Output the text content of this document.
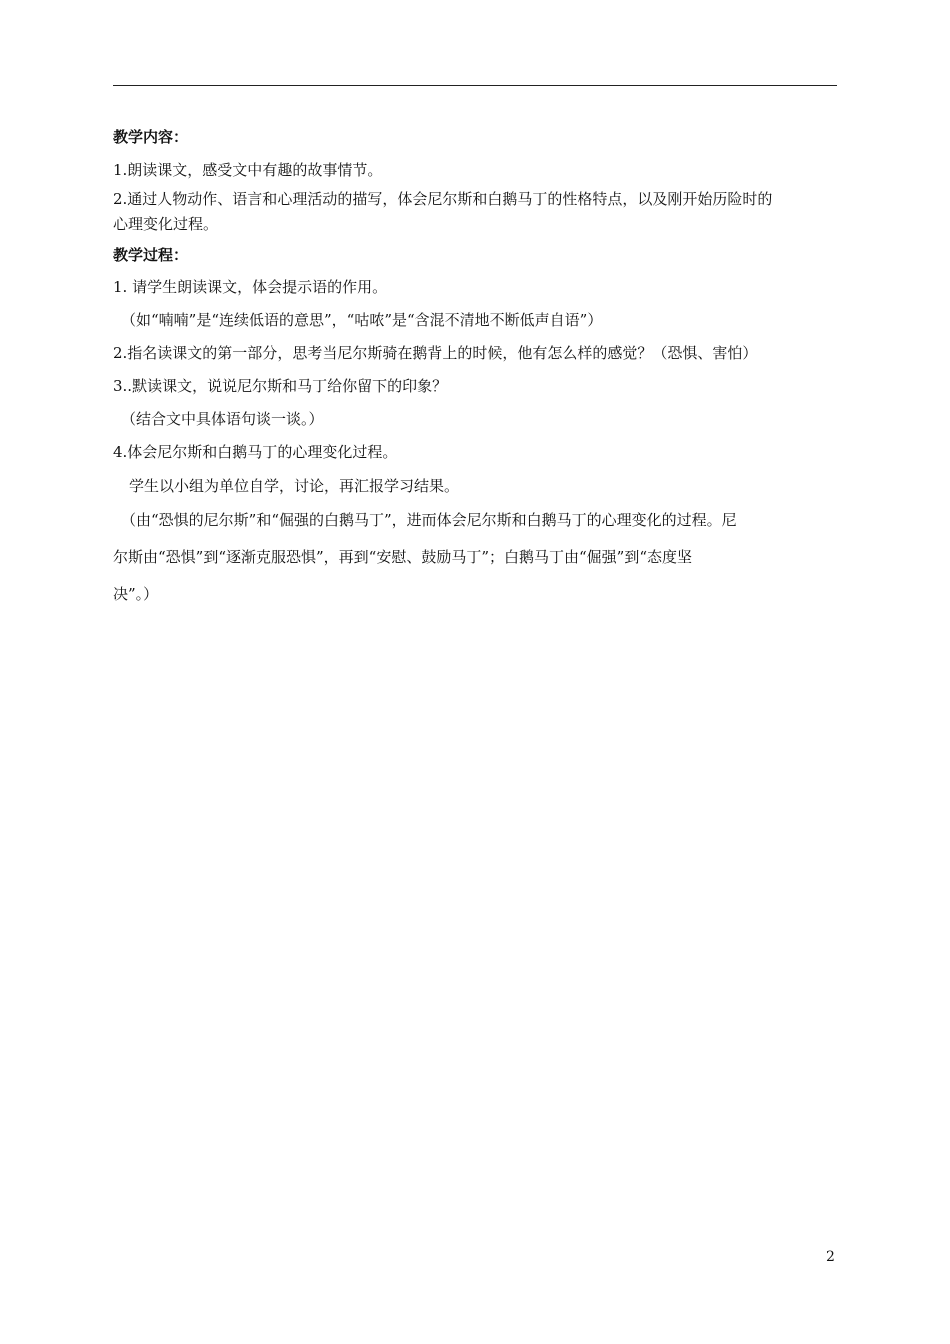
教学内容：
1.朗读课文，感受文中有趣的故事情节。
2.通过人物动作、语言和心理活动的描写，体会尼尔斯和白鹅马丁的性格特点，以及刚开始历险时的
心理变化过程。
教学过程：
1. 请学生朗读课文，体会提示语的作用。
（如“喃喃”是“连续低语的意思”，“咕哝”是“含混不清地不断低声自语”）
2.指名读课文的第一部分，思考当尼尔斯骑在鹅背上的时候，他有怎么样的感觉？（恐惧、害怕）
3..默读课文，说说尼尔斯和马丁给你留下的印象？
（结合文中具体语句谈一谈。）
4.体会尼尔斯和白鹅马丁的心理变化过程。
学生以小组为单位自学，讨论，再汇报学习结果。
（由“恐惧的尼尔斯”和“倔强的白鹅马丁”，进而体会尼尔斯和白鹅马丁的心理变化的过程。尼
尔斯由“恐惧”到“逐渐克服恐惧”，再到“安慰、鼓励马丁”；白鹅马丁由“倔强”到“态度坚
决”。）
2
